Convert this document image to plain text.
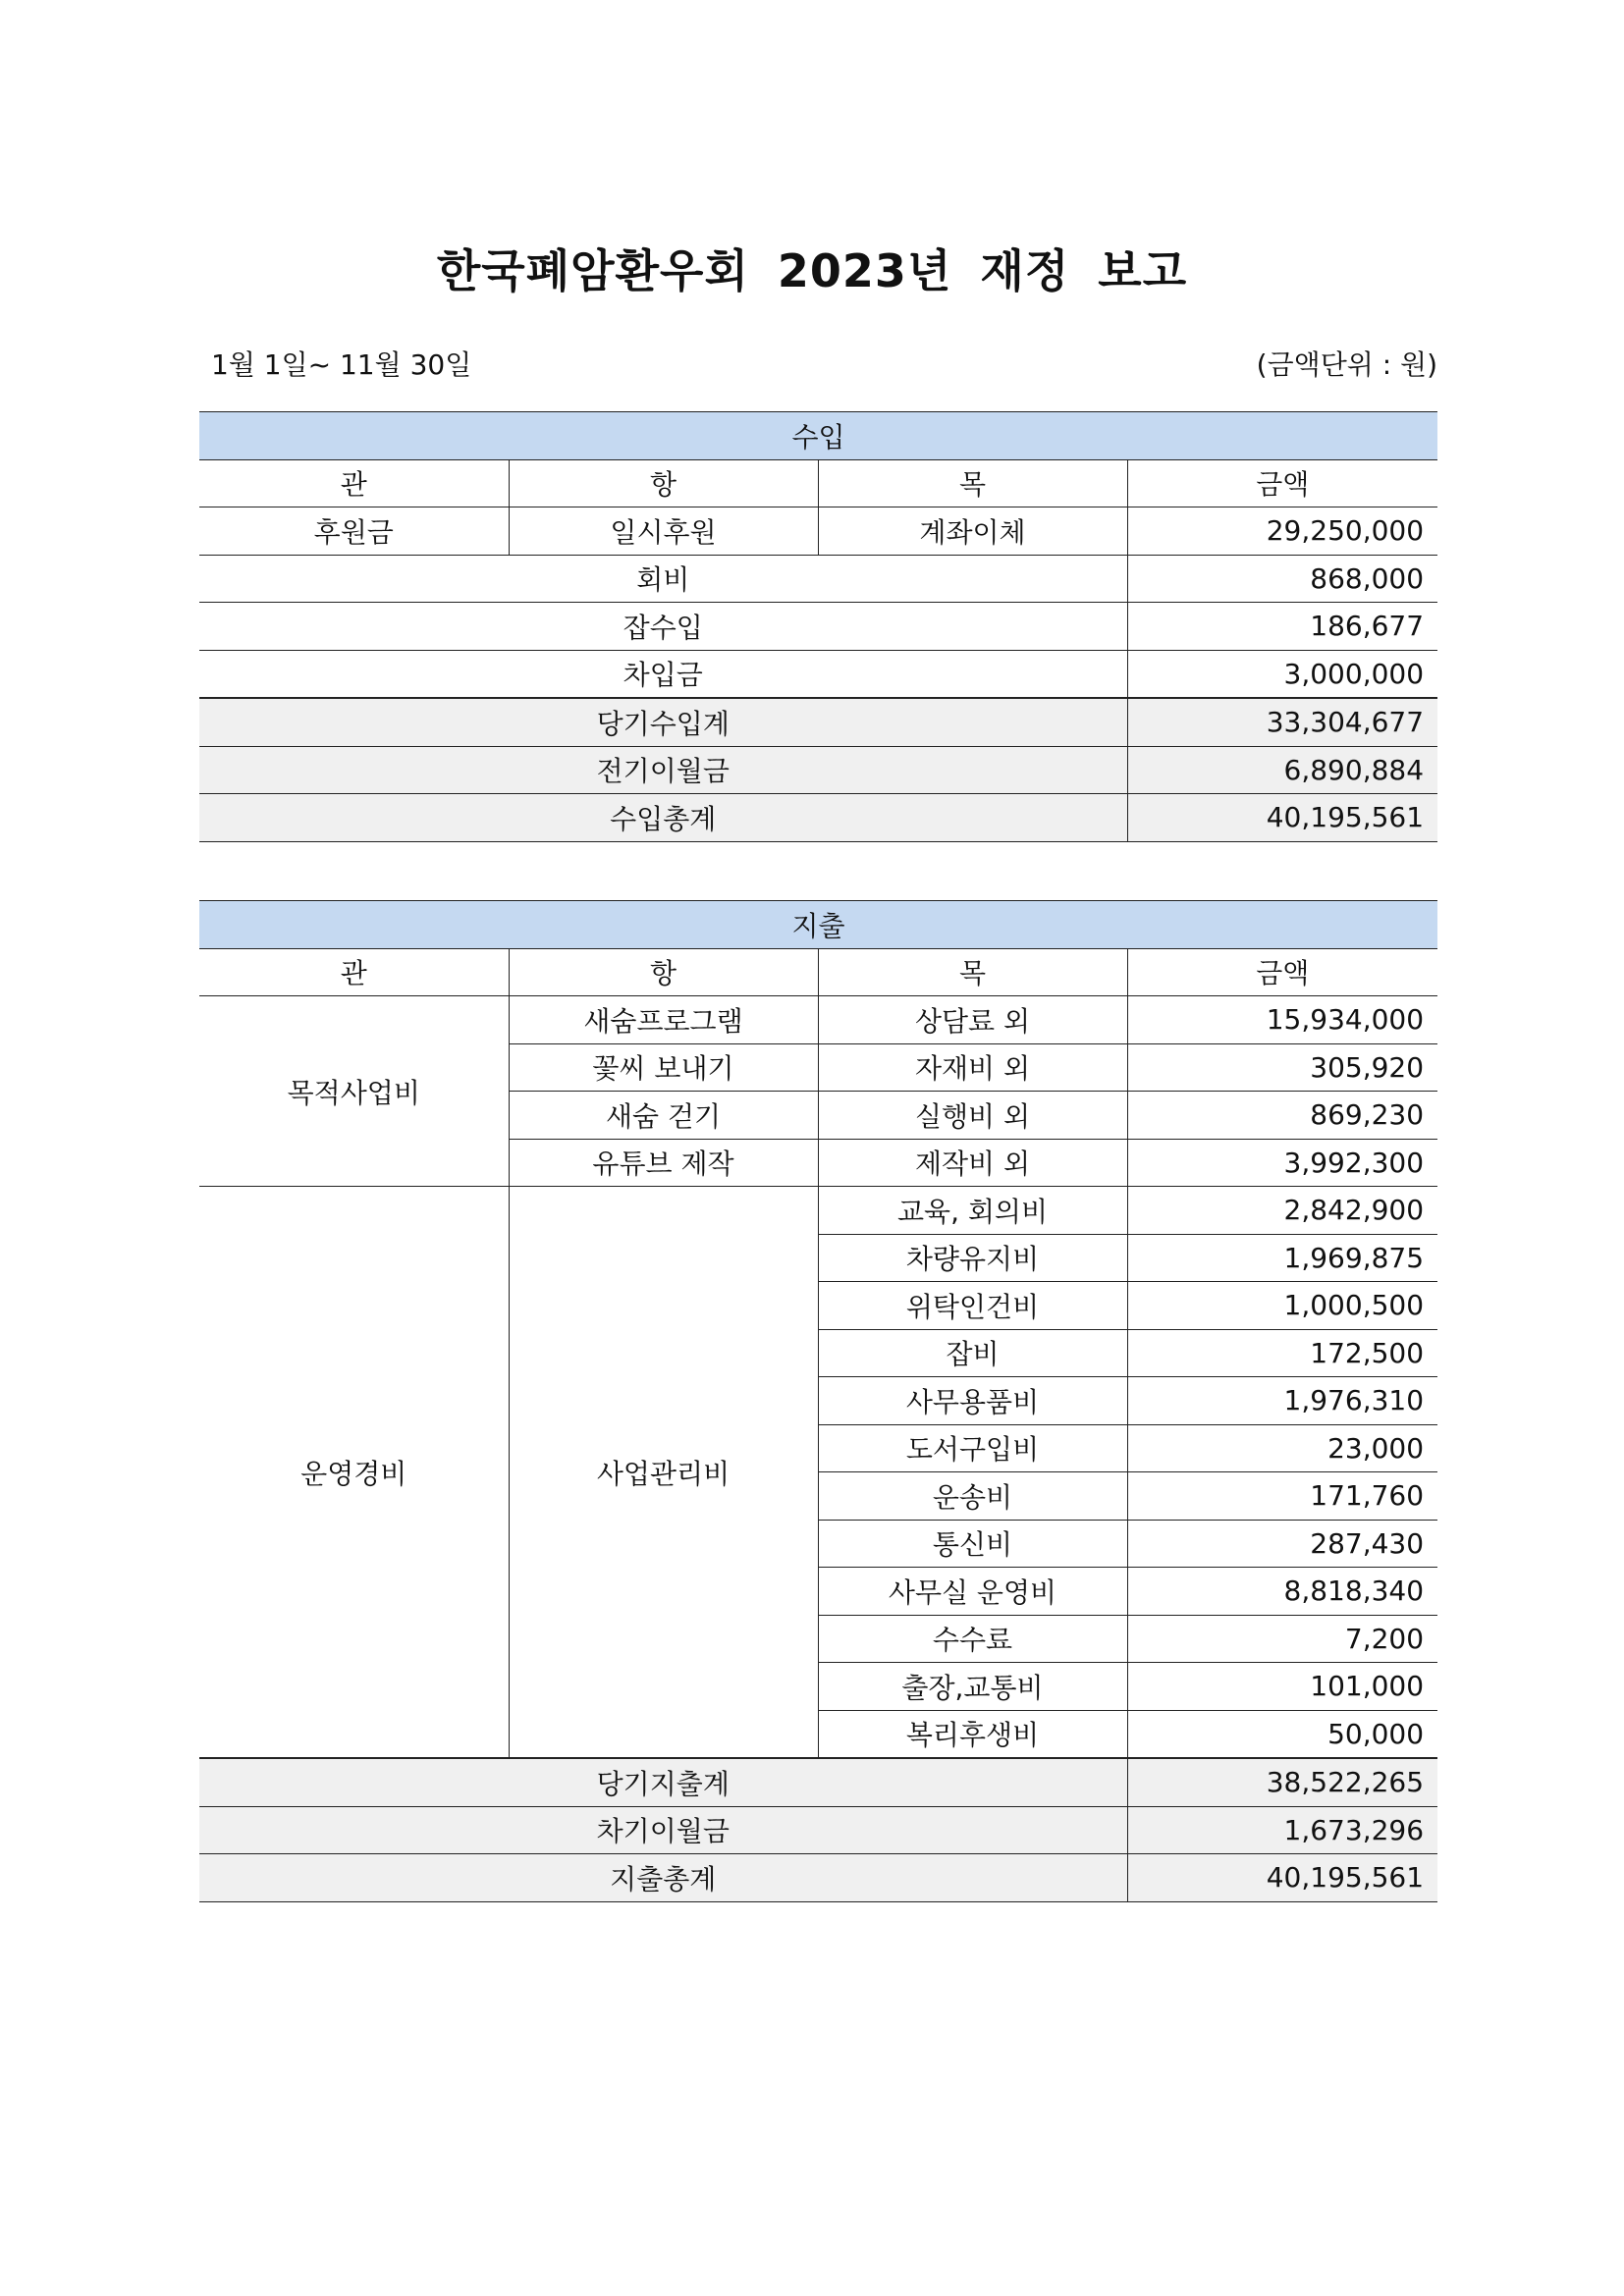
한국폐암환우회 2023년 재정 보고
1월 1일~ 11월 30일	(금액단위 : 원)
수입			
관	항	목	금액
후원금	일시후원	계좌이체	29,250,000
회비			868,000
잡수입			186,677
차입금			3,000,000
당기수입계			33,304,677
전기이월금			6,890,884
수입총계			40,195,561
지출			
관	항	목	금액
목적사업비	새숨프로그램	상담료 외	15,934,000
	꽃씨 보내기	자재비 외	305,920
	새숨 걷기	실행비 외	869,230
	유튜브 제작	제작비 외	3,992,300
운영경비	사업관리비	교육, 회의비	2,842,900
		차량유지비	1,969,875
		위탁인건비	1,000,500
		잡비	172,500
		사무용품비	1,976,310
		도서구입비	23,000
		운송비	171,760
		통신비	287,430
		사무실 운영비	8,818,340
		수수료	7,200
		출장,교통비	101,000
		복리후생비	50,000
당기지출계			38,522,265
차기이월금			1,673,296
지출총계			40,195,561
